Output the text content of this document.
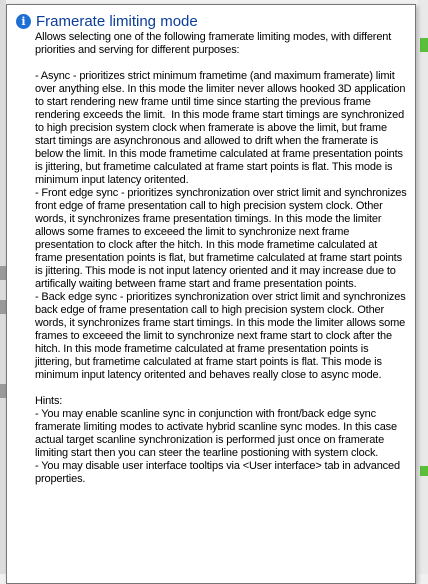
i Framerate limiting mode
Allows selecting one of the following framerate limiting modes, with different priorities and serving for different purposes:

- Async - prioritizes strict minimum frametime (and maximum framerate) limit over anything else. In this mode the limiter never allows hooked 3D application to start rendering new frame until time since starting the previous frame rendering exceeds the limit.  In this mode frame start timings are synchronized to high precision system clock when framerate is above the limit, but frame start timings are asynchronous and allowed to drift when the framerate is below the limit. In this mode frametime calculated at frame presentation points is jittering, but frametime calculated at frame start points is flat. This mode is minimum input latency oritented.
- Front edge sync - prioritizes synchronization over strict limit and synchronizes front edge of frame presentation call to high precision system clock. Other words, it synchronizes frame presentation timings. In this mode the limiter allows some frames to exceeed the limit to synchronize next frame presentation to clock after the hitch. In this mode frametime calculated at frame presentation points is flat, but frametime calculated at frame start points is jittering. This mode is not input latency oriented and it may increase due to artifically waiting between frame start and frame presentation points.
- Back edge sync - prioritizes synchronization over strict limit and synchronizes back edge of frame presentation call to high precision system clock. Other words, it synchronizes frame start timings. In this mode the limiter allows some frames to exceeed the limit to synchronize next frame start to clock after the hitch. In this mode frametime calculated at frame presentation points is jittering, but frametime calculated at frame start points is flat. This mode is minimum input latency oritented and behaves really close to async mode.

Hints:
- You may enable scanline sync in conjunction with front/back edge sync framerate limiting modes to activate hybrid scanline sync modes. In this case actual target scanline synchronization is performed just once on framerate limiting start then you can steer the tearline postioning with system clock.
- You may disable user interface tooltips via <User interface> tab in advanced properties.
